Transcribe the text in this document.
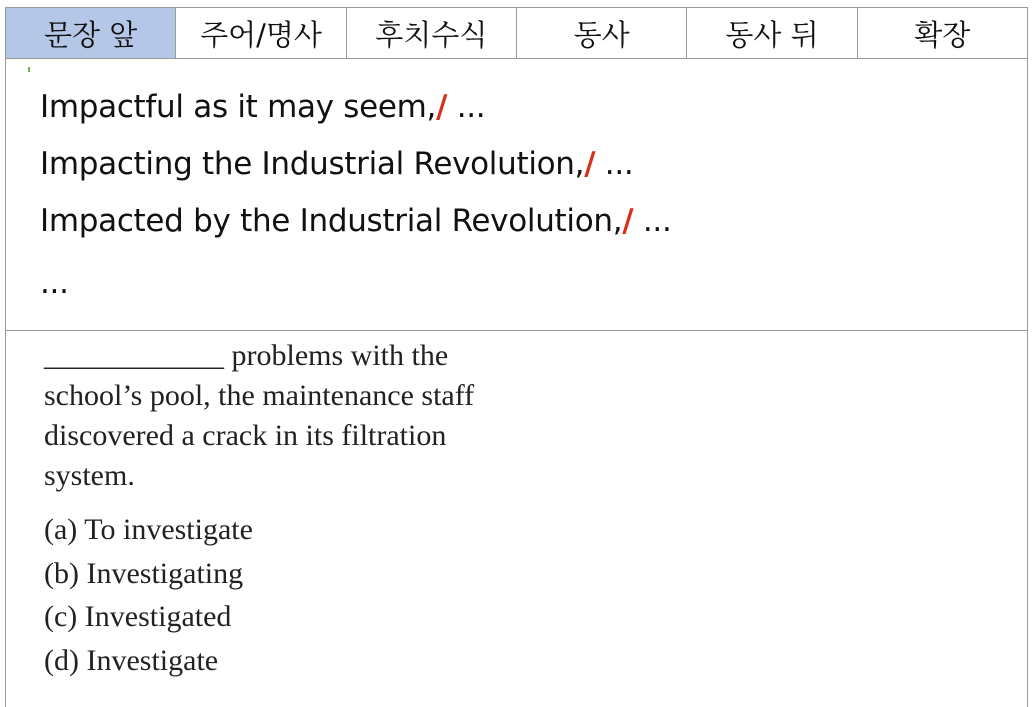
문장 앞	주어/명사	후치수식	동사	동사 뒤	확장
Impactful as it may seem,/ ...
Impacting the Industrial Revolution,/ ...
Impacted by the Industrial Revolution,/ ...
...
____________ problems with the
school’s pool, the maintenance staff
discovered a crack in its filtration
system.
(a) To investigate
(b) Investigating
(c) Investigated
(d) Investigate
